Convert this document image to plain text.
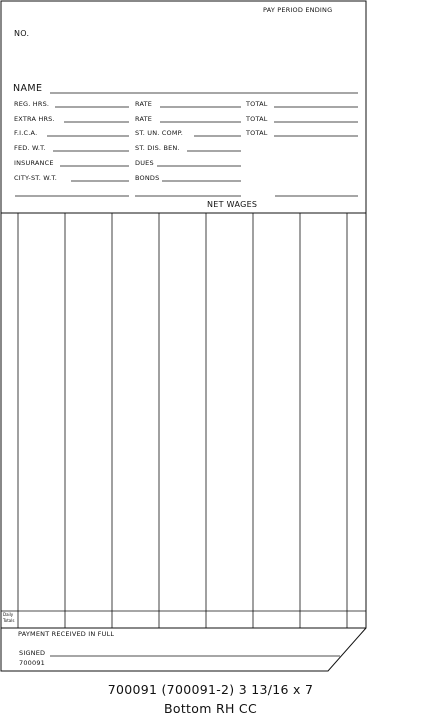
PAY PERIOD ENDING
NO.
NAME
REG. HRS.	RATE	TOTAL
EXTRA HRS.	RATE	TOTAL
F.I.C.A.	ST. UN. COMP.	TOTAL
FED. W.T.	ST. DIS. BEN.
INSURANCE	DUES
CITY-ST. W.T.	BONDS
NET WAGES
Daily
Totals
PAYMENT RECEIVED IN FULL
SIGNED
700091
700091 (700091-2) 3 13/16 x 7
Bottom RH CC
